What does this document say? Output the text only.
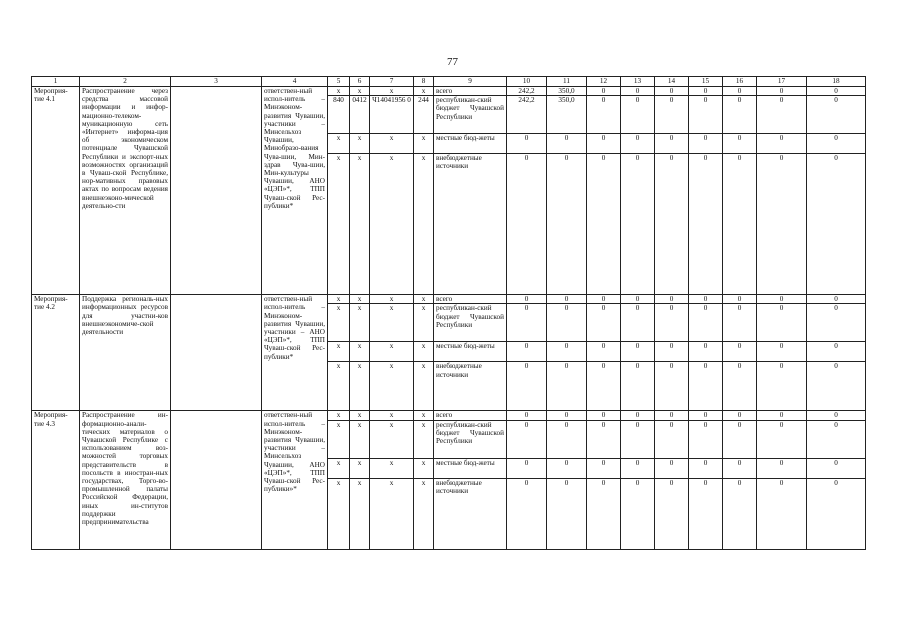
77
1	2	3	4	5	6	7	8	9	10	11	12	13	14	15	16	17	18
Мероприя-
тие 4.1	Распространение через средства массовой информации и инфор-мационно-телеком-муникационную сеть «Интернет» информа-ция об экономическом потенциале Чувашской Республики и экспорт-ных возможностях организаций в Чуваш-ской Республике, нор-мативных правовых актах по вопросам ведения внешнеэконо-мической деятельно-сти		ответствен-ный испол-нитель – Минэконом-развития Чувашии, участники – Минсельхоз Чувашии, Минобразо-вания Чува-шии, Мин-здрав Чува-шии, Мин-культуры Чувашии, АНО «ЦЭП»*, ТПП Чуваш-ской Рес-публики*	x	x	x	x	всего	242,2	350,0	0	0	0	0	0	0	0
				840	0412	Ч14041956 0	244	республикан-ский бюджет Чувашской Республики	242,2	350,0	0	0	0	0	0	0	0
				x	x	x	x	местные бюд-жеты	0	0	0	0	0	0	0	0	0
				x	x	x	x	внебюджетные источники	0	0	0	0	0	0	0	0	0
Мероприя-
тие 4.2	Поддержка региональ-ных информационных ресурсов для участни-ков внешнеэкономиче-ской деятельности		ответствен-ный испол-нитель – Минэконом-развития Чувашии, участники – АНО «ЦЭП»*, ТПП Чуваш-ской Рес-публики*	x	x	x	x	всего	0	0	0	0	0	0	0	0	0
				x	x	x	x	республикан-ский бюджет Чувашской Республики	0	0	0	0	0	0	0	0	0
				x	x	x	x	местные бюд-жеты	0	0	0	0	0	0	0	0	0
				x	x	x	x	внебюджетные источники	0	0	0	0	0	0	0	0	0
Мероприя-
тие 4.3	Распространение ин-формационно-анали-тических материалов о Чувашской Республике с использованием воз-можностей торговых представительств в посольств в иностран-ных государствах, Торго-во-промышленной палаты Российской Федерации, иных ин-ститутов поддержки предпринимательства		ответствен-ный испол-нитель – Минэконом-развития Чувашии, участники – Минсельхоз Чувашии, АНО «ЦЭП»*, ТПП Чуваш-ской Рес-публики»*	x	x	x	x	всего	0	0	0	0	0	0	0	0	0
				x	x	x	x	республикан-ский бюджет Чувашской Республики	0	0	0	0	0	0	0	0	0
				x	x	x	x	местные бюд-жеты	0	0	0	0	0	0	0	0	0
				x	x	x	x	внебюджетные источники	0	0	0	0	0	0	0	0	0
